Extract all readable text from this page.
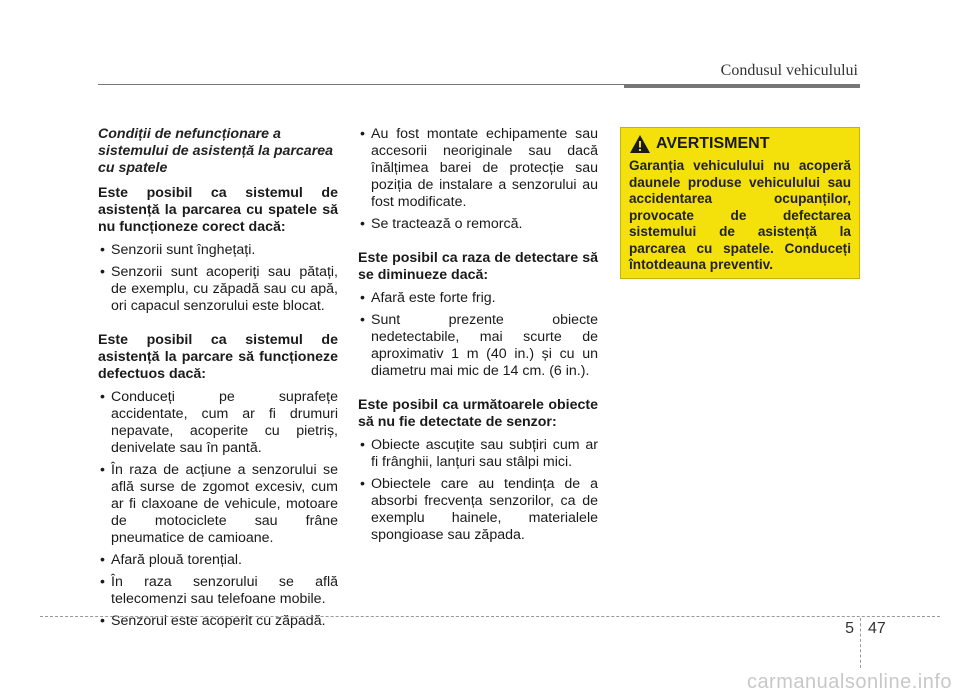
Condusul vehiculului

Condiții de nefuncționare a sistemului de asistență la parcarea cu spatele

Este posibil ca sistemul de asistență la parcarea cu spatele să nu funcționeze corect dacă:

• Senzorii sunt înghețați.
• Senzorii sunt acoperiți sau pătați, de exemplu, cu zăpadă sau cu apă, ori capacul senzorului este blocat.

Este posibil ca sistemul de asistență la parcare să funcționeze defectuos dacă:

• Conduceți pe suprafețe accidentate, cum ar fi drumuri nepavate, acoperite cu pietriș, denivelate sau în pantă.
• În raza de acțiune a senzorului se află surse de zgomot excesiv, cum ar fi claxoane de vehicule, motoare de motociclete sau frâne pneumatice de camioane.
• Afară plouă torențial.
• În raza senzorului se află telecomenzi sau telefoane mobile.
• Senzorul este acoperit cu zăpadă.
• Au fost montate echipamente sau accesorii neoriginale sau dacă înălțimea barei de protecție sau poziția de instalare a senzorului au fost modificate.
• Se tractează o remorcă.

Este posibil ca raza de detectare să se diminueze dacă:

• Afară este forte frig.
• Sunt prezente obiecte nedetectabile, mai scurte de aproximativ 1 m (40 in.) și cu un diametru mai mic de 14 cm. (6 in.).

Este posibil ca următoarele obiecte să nu fie detectate de senzor:

• Obiecte ascuțite sau subțiri cum ar fi frânghii, lanțuri sau stâlpi mici.
• Obiectele care au tendința de a absorbi frecvența senzorilor, ca de exemplu hainele, materialele spongioase sau zăpada.
AVERTISMENT
Garanția vehiculului nu acoperă daunele produse vehiculului sau accidentarea ocupanților, provocate de defectarea sistemului de asistență la parcarea cu spatele. Conduceți întotdeauna preventiv.
5 47
carmanualsonline.info
